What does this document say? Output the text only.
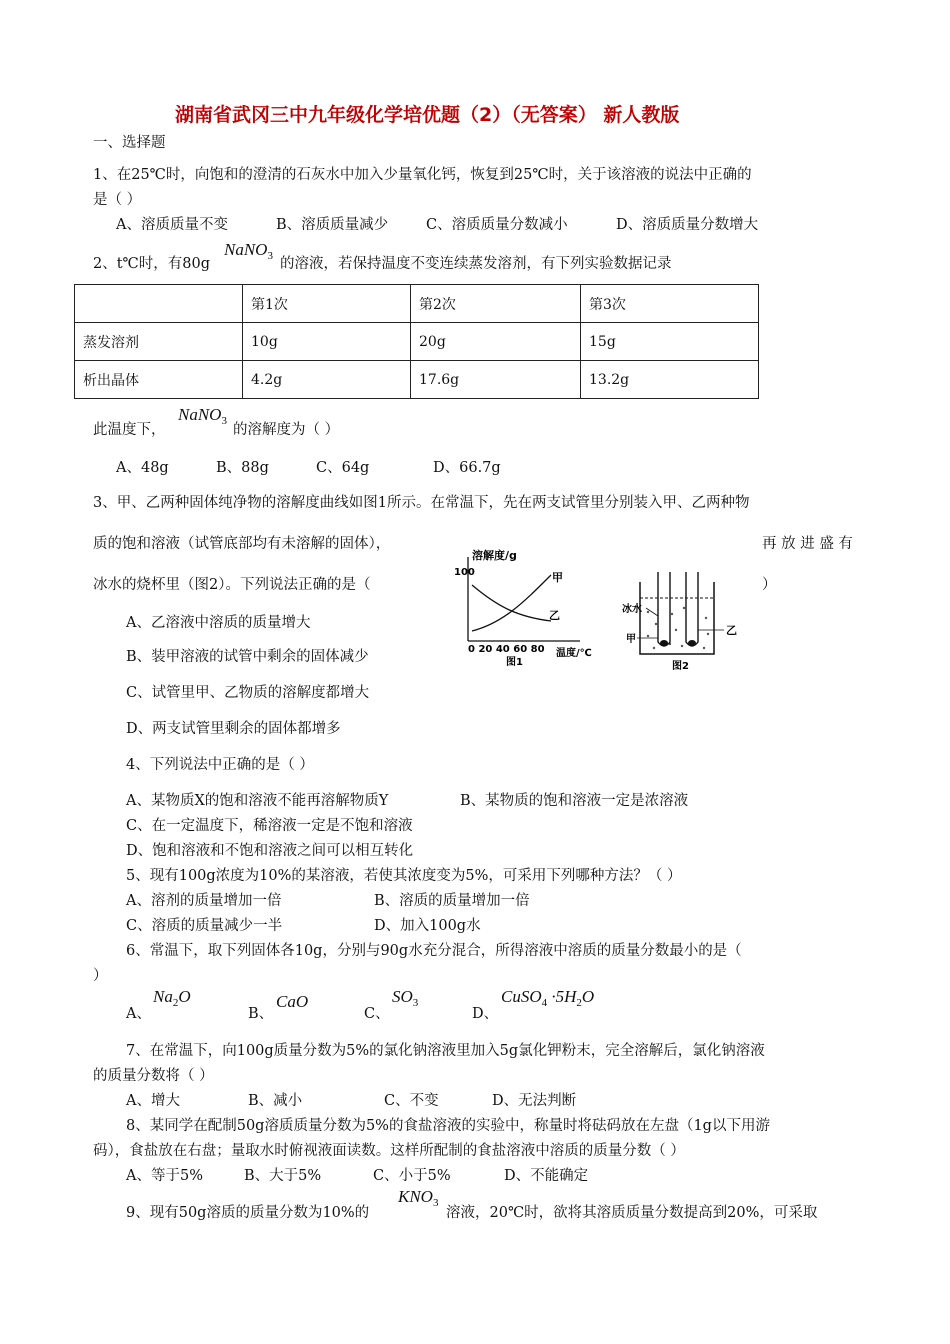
湖南省武冈三中九年级化学培优题（2）（无答案） 新人教版
一、选择题
1、在25℃时，向饱和的澄清的石灰水中加入少量氧化钙，恢复到25℃时，关于该溶液的说法中正确的
是（ ）
A、溶质质量不变	B、溶质质量减少	C、溶质质量分数减小	D、溶质质量分数增大
2、t℃时，有80g
NaNO$_3$ 的溶液，若保持温度不变连续蒸发溶剂，有下列实验数据记录
	第1次	第2次	第3次
蒸发溶剂	10g	20g	15g
析出晶体	4.2g	17.6g	13.2g
此温度下，
NaNO$_3$
的溶解度为（ ）
A、48g	B、88g	C、64g	D、66.7g
3、甲、乙两种固体纯净物的溶解度曲线如图1所示。在常温下，先在两支试管里分别装入甲、乙两种物
质的饱和溶液（试管底部均有未溶解的固体），	再 放 进 盛 有
冰水的烧杯里（图2）。下列说法正确的是（	）
溶解度/g
100	甲
乙
0 20 40 60 80 温度/℃
图1
冰水
甲
乙
图2
A、乙溶液中溶质的质量增大
B、装甲溶液的试管中剩余的固体减少
C、试管里甲、乙物质的溶解度都增大
D、两支试管里剩余的固体都增多
4、下列说法中正确的是（ ）
A、某物质X的饱和溶液不能再溶解物质Y	B、某物质的饱和溶液一定是浓溶液
C、在一定温度下，稀溶液一定是不饱和溶液
D、饱和溶液和不饱和溶液之间可以相互转化
5、现有100g浓度为10%的某溶液，若使其浓度变为5%，可采用下列哪种方法？（ ）
A、溶剂的质量增加一倍	B、溶质的质量增加一倍
C、溶质的质量减少一半	D、加入100g水
6、常温下，取下列固体各10g，分别与90g水充分混合，所得溶液中溶质的质量分数最小的是（
）
A、
$Na_2O$
B、
CaO
C、
$SO_3$
D、
CuSO$_4$ $\cdot 5H_2O$
7、在常温下，向100g质量分数为5%的氯化钠溶液里加入5g氯化钾粉末，完全溶解后，氯化钠溶液
的质量分数将（ ）
A、增大	B、减小	C、不变	D、无法判断
8、某同学在配制50g溶质质量分数为5%的食盐溶液的实验中，称量时将砝码放在左盘（1g以下用游
码），食盐放在右盘；量取水时俯视液面读数。这样所配制的食盐溶液中溶质的质量分数（ ）
A、等于5%	B、大于5%	C、小于5%	D、不能确定
9、现有50g溶质的质量分数为10%的
$KNO_3$
溶液，20℃时，欲将其溶质质量分数提高到20%，可采取
